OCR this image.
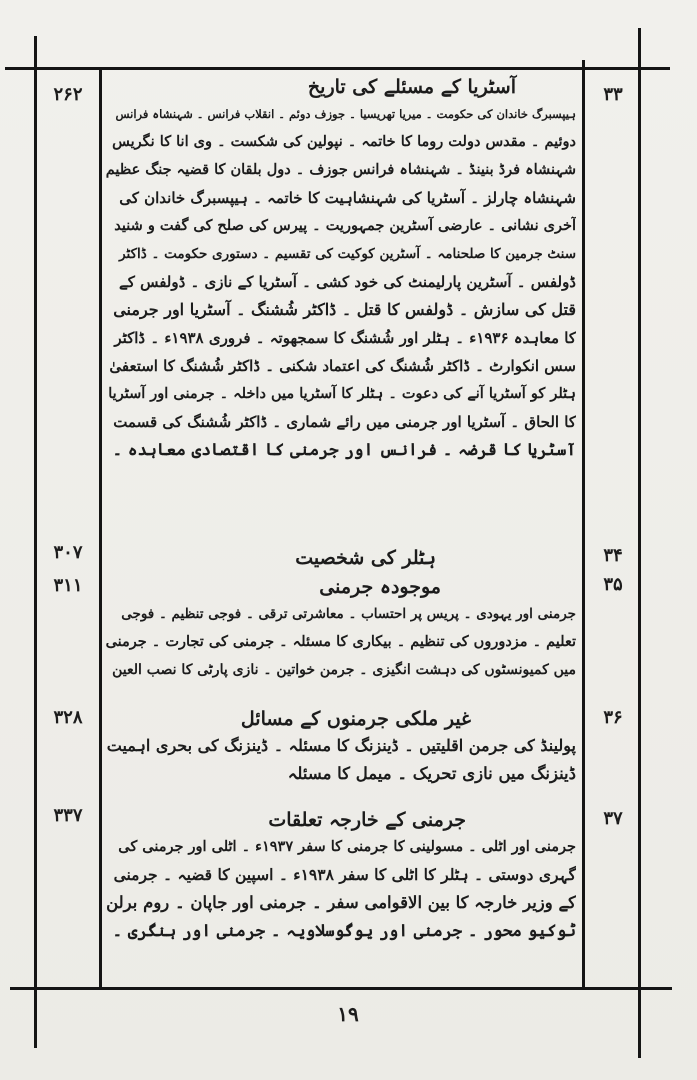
۳۳
۳۴
۳۵
۳۶
۳۷
۲۶۲
۳۰۷
۳۱۱
۳۲۸
۳۳۷
آسٹریا کے مسئلے کی تاریخ
ہیپسبرگ خاندان کی حکومت ۔ میریا تھریسیا ۔ جوزف دوئم ۔ انقلاب فرانس ۔ شہنشاہ فرانس
دوئیم ۔ مقدس دولت روما کا خاتمہ ۔ نپولین کی شکست ۔ وی انا کا نگریس
شہنشاہ فرڈ بنینڈ ۔ شہنشاہ فرانس جوزف ۔ دول بلقان کا قضیہ جنگ عظیم
شہنشاہ چارلز ۔ آسٹریا کی شہنشاہیت کا خاتمہ ۔ ہیپسبرگ خاندان کی
آخری نشانی ۔ عارضی آسٹرین جمہوریت ۔ پیرس کی صلح کی گفت و شنید
سنٹ جرمین کا صلحنامہ ۔ آسٹرین کوکیت کی تقسیم ۔ دستوری حکومت ۔ ڈاکٹر
ڈولفس ۔ آسٹرین پارلیمنٹ کی خود کشی ۔ آسٹریا کے نازی ۔ ڈولفس کے
قتل کی سازش ۔ ڈولفس کا قتل ۔ ڈاکٹر شُشنگ ۔ آسٹریا اور جرمنی
کا معاہدہ ۱۹۳۶ء ۔ ہٹلر اور شُشنگ کا سمجھوتہ ۔ فروری ۱۹۳۸ء ۔ ڈاکٹر
سس انکوارٹ ۔ ڈاکٹر شُشنگ کی اعتماد شکنی ۔ ڈاکٹر شُشنگ کا استعفیٰ
ہٹلر کو آسٹریا آنے کی دعوت ۔ ہٹلر کا آسٹریا میں داخلہ ۔ جرمنی اور آسٹریا
کا الحاق ۔ آسٹریا اور جرمنی میں رائے شماری ۔ ڈاکٹر شُشنگ کی قسمت
آسٹریا کا قرضہ ۔ فرانس اور جرمنی کا اقتصادی معاہدہ ۔
ہٹلر کی شخصیت
موجودہ جرمنی
جرمنی اور یہودی ۔ پریس پر احتساب ۔ معاشرتی ترقی ۔ فوجی تنظیم ۔ فوجی
تعلیم ۔ مزدوروں کی تنظیم ۔ بیکاری کا مسئلہ ۔ جرمنی کی تجارت ۔ جرمنی
میں کمیونسٹوں کی دہشت انگیزی ۔ جرمن خواتین ۔ نازی پارٹی کا نصب العین
غیر ملکی جرمنوں کے مسائل
پولینڈ کی جرمن اقلیتیں ۔ ڈینزنگ کا مسئلہ ۔ ڈینزنگ کی بحری اہمیت
ڈینزنگ میں نازی تحریک ۔ میمل کا مسئلہ
جرمنی کے خارجہ تعلقات
جرمنی اور اٹلی ۔ مسولینی کا جرمنی کا سفر ۱۹۳۷ء ۔ اٹلی اور جرمنی کی
گہری دوستی ۔ ہٹلر کا اٹلی کا سفر ۱۹۳۸ء ۔ اسپین کا قضیہ ۔ جرمنی
کے وزیر خارجہ کا بین الاقوامی سفر ۔ جرمنی اور جاپان ۔ روم برلن
ٹوکیو محور ۔ جرمنی اور یوگوسلاویہ ۔ جرمنی اور ہنگری ۔
۱۹
